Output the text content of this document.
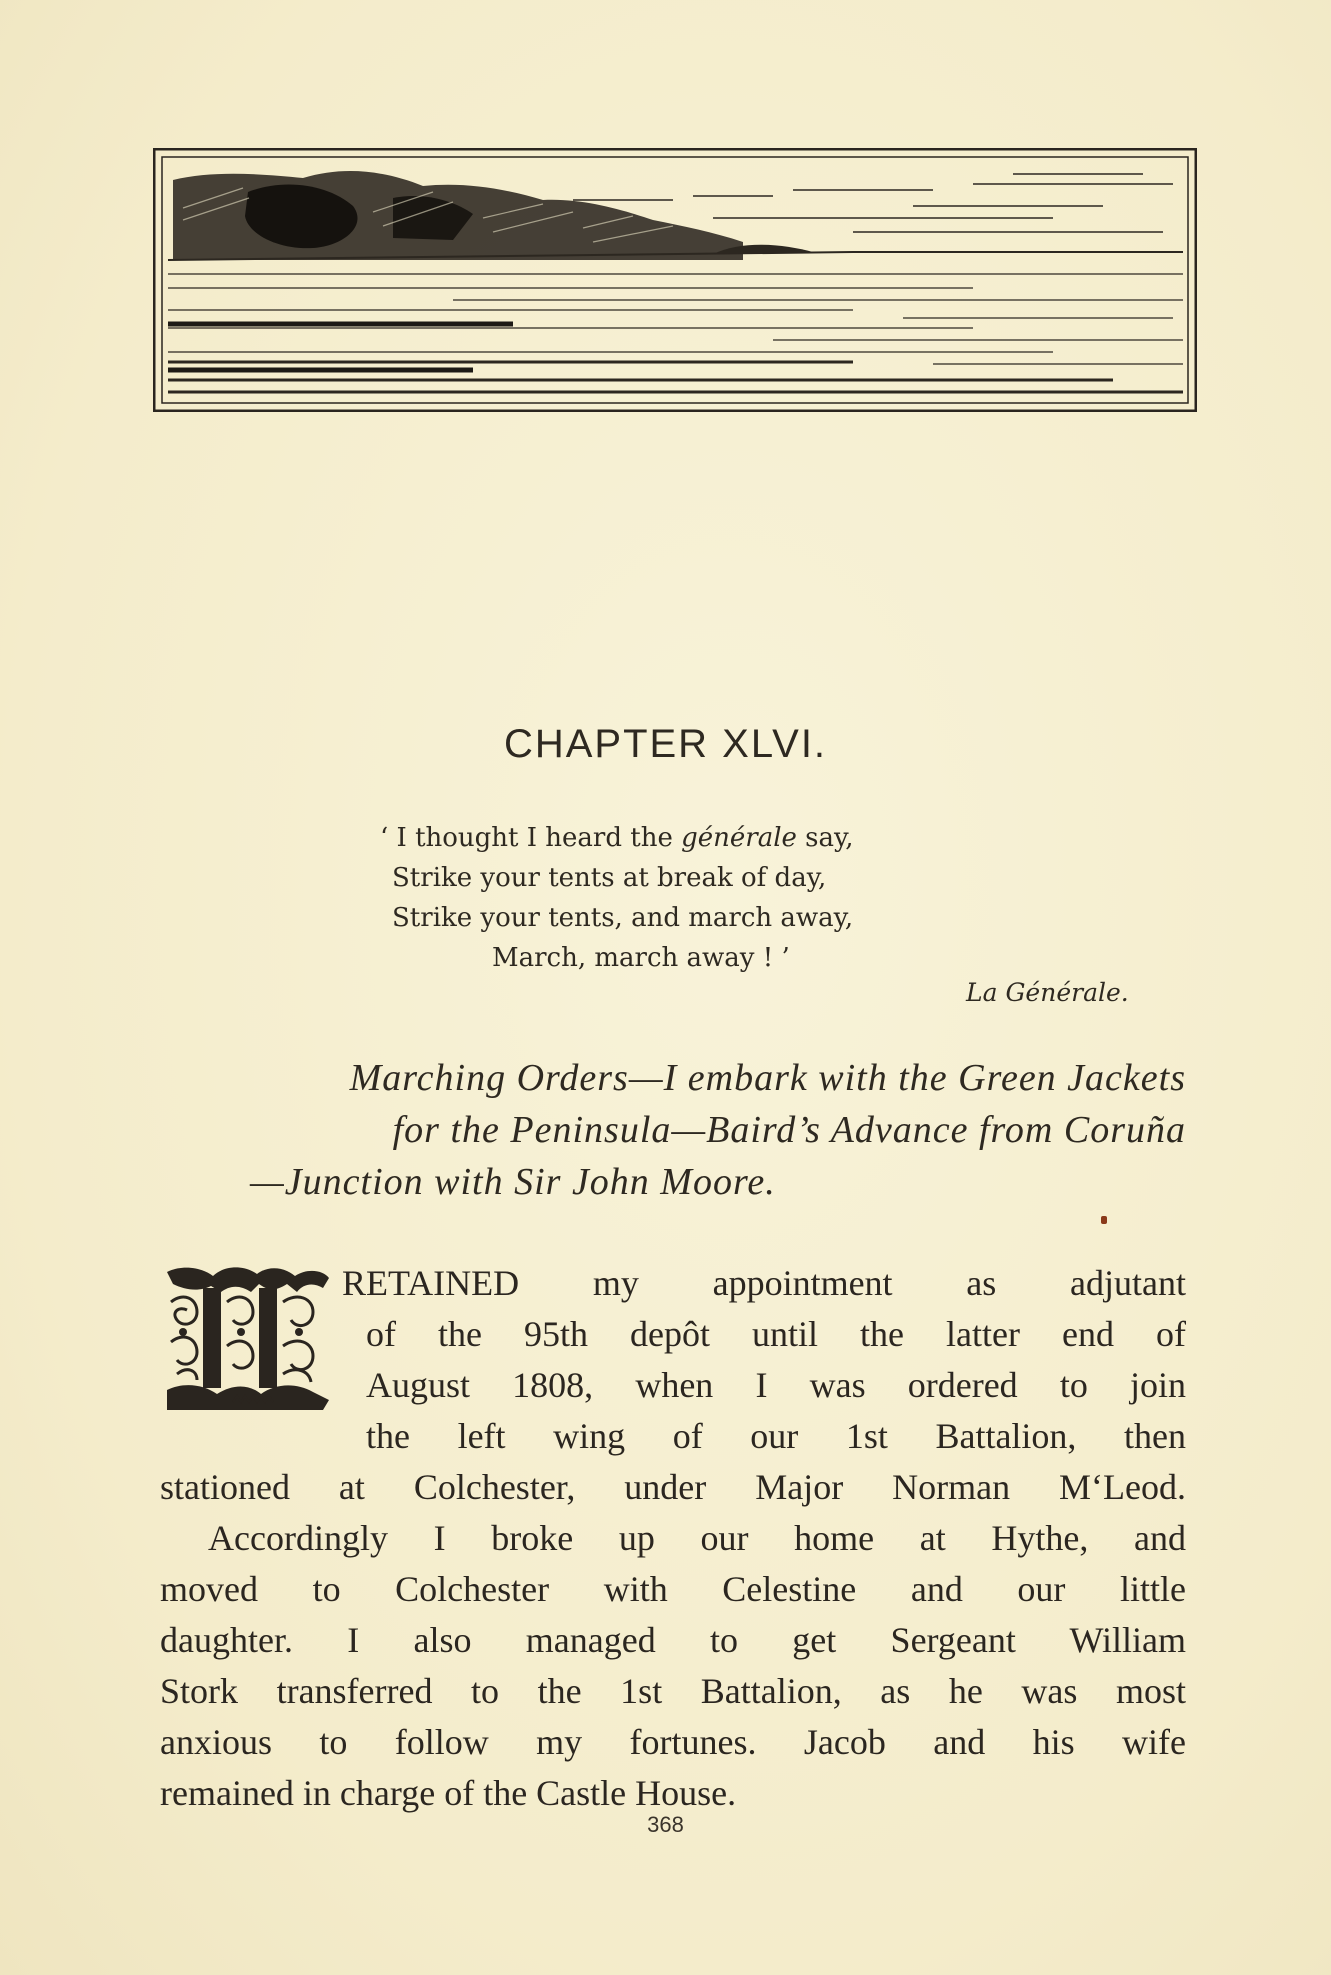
CHAPTER XLVI.
‘ I thought I heard the générale say,
Strike your tents at break of day,
Strike your tents, and march away,
March, march away ! ’
La Générale.
Marching Orders—I embark with the Green Jackets
for the Peninsula—Baird’s Advance from Coruña
—Junction with Sir John Moore.
RETAINED my appointment as adjutant
of the 95th depôt until the latter end of
August 1808, when I was ordered to join
the left wing of our 1st Battalion, then
stationed at Colchester, under Major Norman M‘Leod.
Accordingly I broke up our home at Hythe, and
moved to Colchester with Celestine and our little
daughter. I also managed to get Sergeant William
Stork transferred to the 1st Battalion, as he was most
anxious to follow my fortunes. Jacob and his wife
remained in charge of the Castle House.
368
